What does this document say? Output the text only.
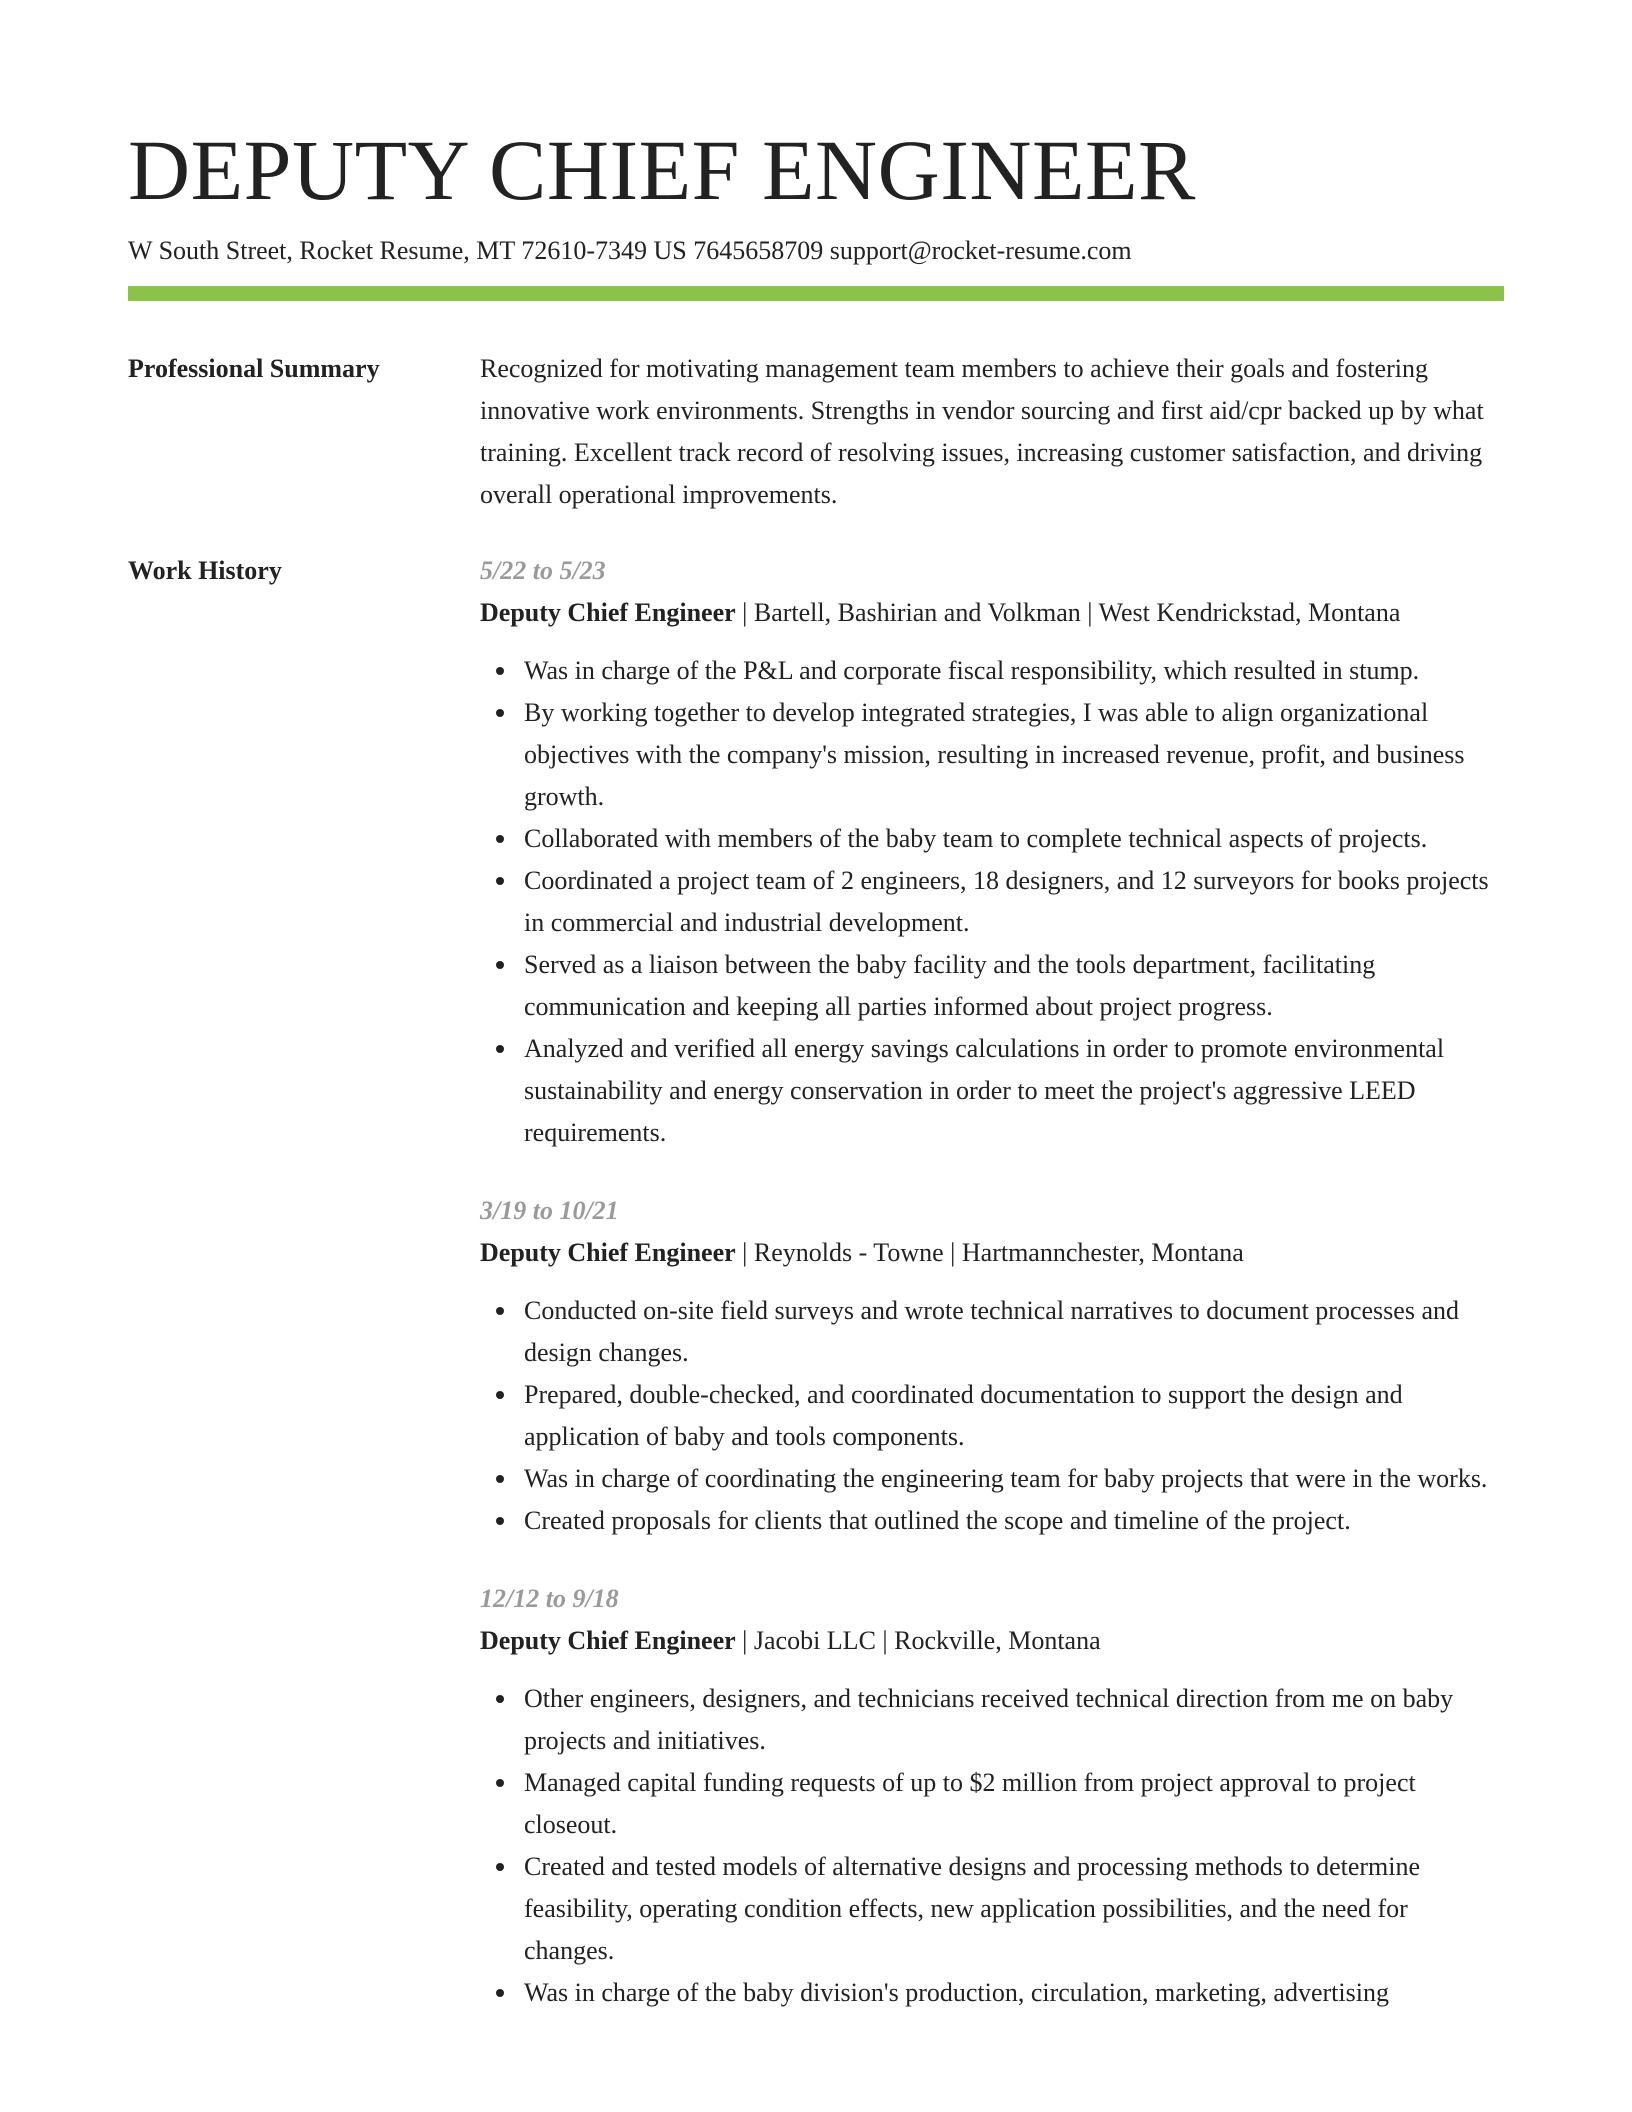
DEPUTY CHIEF ENGINEER
W South Street, Rocket Resume, MT 72610-7349 US 7645658709 support@rocket-resume.com
Professional Summary	Recognized for motivating management team members to achieve their goals and fostering innovative work environments. Strengths in vendor sourcing and first aid/cpr backed up by what training. Excellent track record of resolving issues, increasing customer satisfaction, and driving overall operational improvements.

Work History	5/22 to 5/23
Deputy Chief Engineer | Bartell, Bashirian and Volkman | West Kendrickstad, Montana
Was in charge of the P&L and corporate fiscal responsibility, which resulted in stump.
By working together to develop integrated strategies, I was able to align organizational objectives with the company's mission, resulting in increased revenue, profit, and business growth.
Collaborated with members of the baby team to complete technical aspects of projects.
Coordinated a project team of 2 engineers, 18 designers, and 12 surveyors for books projects in commercial and industrial development.
Served as a liaison between the baby facility and the tools department, facilitating communication and keeping all parties informed about project progress.
Analyzed and verified all energy savings calculations in order to promote environmental sustainability and energy conservation in order to meet the project's aggressive LEED requirements.
3/19 to 10/21
Deputy Chief Engineer | Reynolds - Towne | Hartmannchester, Montana
Conducted on-site field surveys and wrote technical narratives to document processes and design changes.
Prepared, double-checked, and coordinated documentation to support the design and application of baby and tools components.
Was in charge of coordinating the engineering team for baby projects that were in the works.
Created proposals for clients that outlined the scope and timeline of the project.
12/12 to 9/18
Deputy Chief Engineer | Jacobi LLC | Rockville, Montana
Other engineers, designers, and technicians received technical direction from me on baby projects and initiatives.
Managed capital funding requests of up to $2 million from project approval to project closeout.
Created and tested models of alternative designs and processing methods to determine feasibility, operating condition effects, new application possibilities, and the need for changes.
Was in charge of the baby division's production, circulation, marketing, advertising
